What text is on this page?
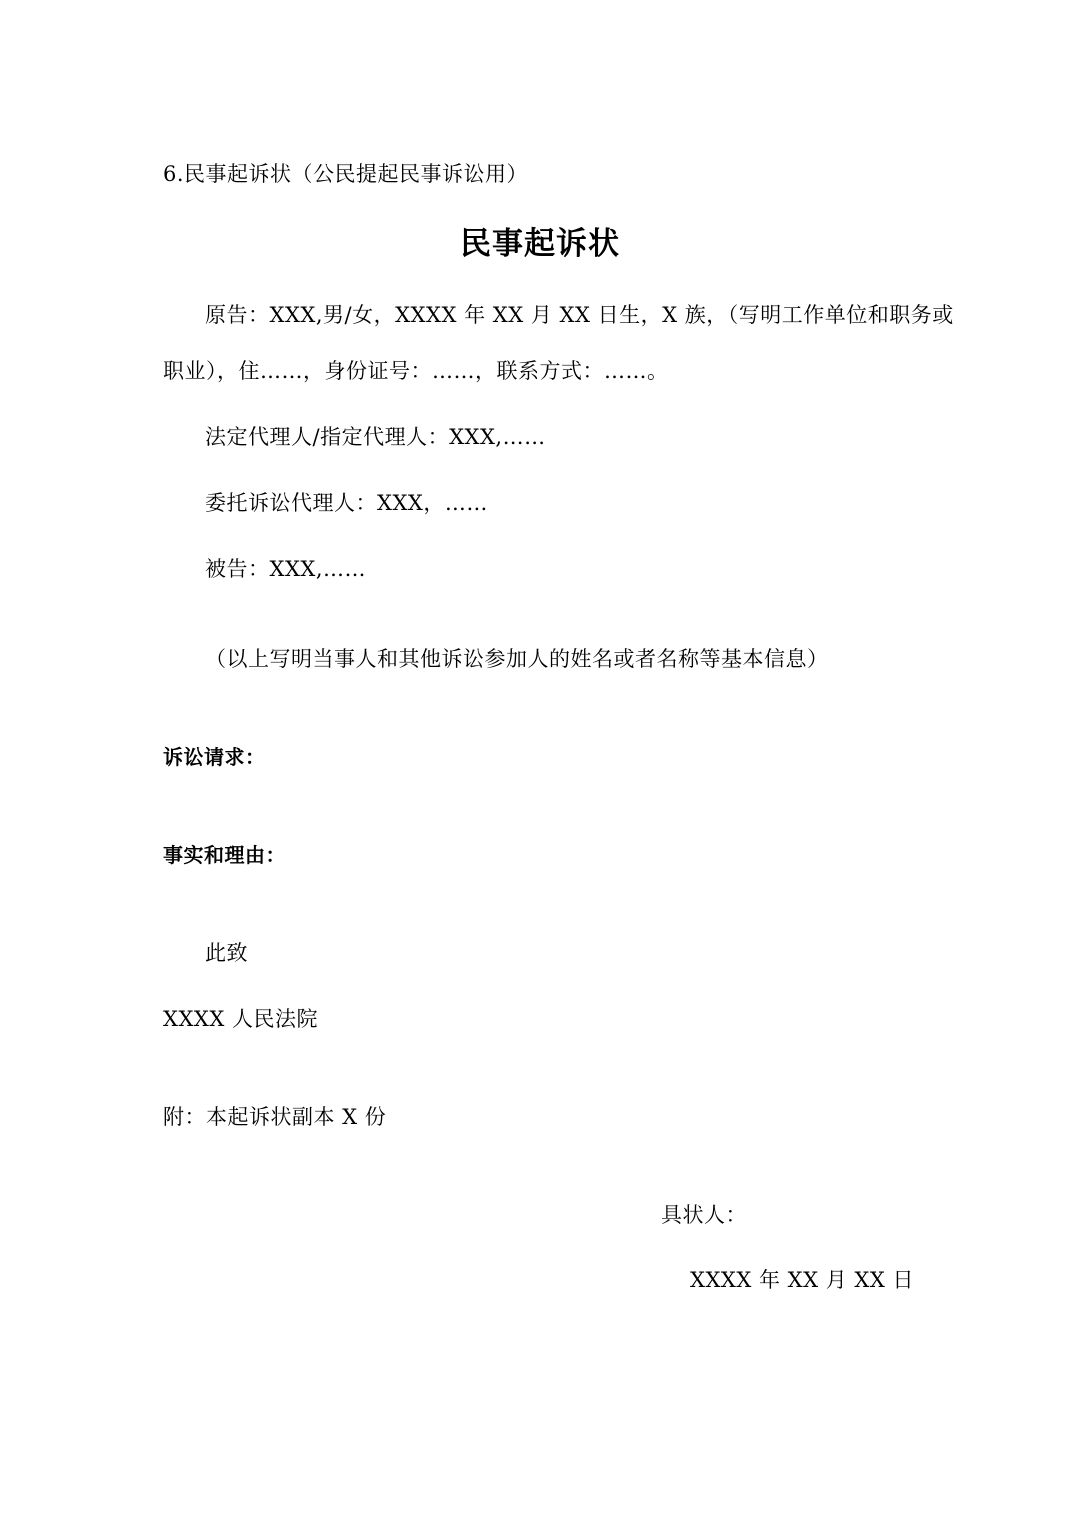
6.民事起诉状（公民提起民事诉讼用）

民事起诉状

原告：XXX,男/女，XXXX 年 XX 月 XX 日生，X 族，（写明工作单位和职务或

职业），住……，身份证号：……，联系方式：……。

法定代理人/指定代理人：XXX,……

委托诉讼代理人：XXX，……

被告：XXX,……

（以上写明当事人和其他诉讼参加人的姓名或者名称等基本信息）

诉讼请求：

事实和理由：

此致

XXXX 人民法院

附：本起诉状副本 X 份

具状人：

XXXX 年 XX 月 XX 日
